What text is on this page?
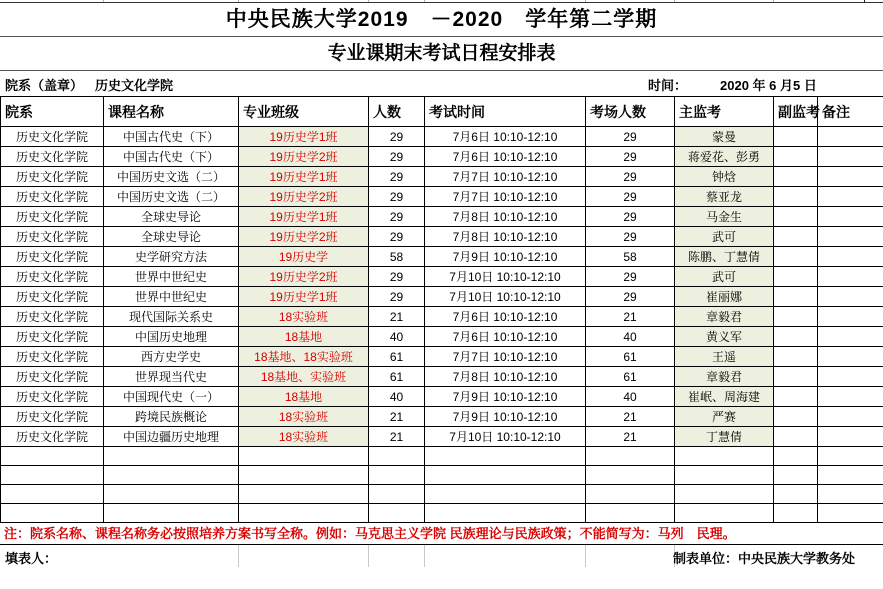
中央民族大学2019　－2020　学年第二学期
专业课期末考试日程安排表
院系（盖章） 历史文化学院	时间：	2020 年 6 月5 日
院系	课程名称	专业班级	人数	考试时间	考场人数	主监考	副监考	备注
历史文化学院	中国古代史（下）	19历史学1班	29	7月6日 10:10-12:10	29	蒙曼		
历史文化学院	中国古代史（下）	19历史学2班	29	7月6日 10:10-12:10	29	蒋爱花、彭勇		
历史文化学院	中国历史文选（二）	19历史学1班	29	7月7日 10:10-12:10	29	钟焓		
历史文化学院	中国历史文选（二）	19历史学2班	29	7月7日 10:10-12:10	29	蔡亚龙		
历史文化学院	全球史导论	19历史学1班	29	7月8日 10:10-12:10	29	马金生		
历史文化学院	全球史导论	19历史学2班	29	7月8日 10:10-12:10	29	武可		
历史文化学院	史学研究方法	19历史学	58	7月9日 10:10-12:10	58	陈鹏、丁慧倩		
历史文化学院	世界中世纪史	19历史学2班	29	7月10日 10:10-12:10	29	武可		
历史文化学院	世界中世纪史	19历史学1班	29	7月10日 10:10-12:10	29	崔丽娜		
历史文化学院	现代国际关系史	18实验班	21	7月6日 10:10-12:10	21	章毅君		
历史文化学院	中国历史地理	18基地	40	7月6日 10:10-12:10	40	黄义军		
历史文化学院	西方史学史	18基地、18实验班	61	7月7日 10:10-12:10	61	王遥		
历史文化学院	世界现当代史	18基地、实验班	61	7月8日 10:10-12:10	61	章毅君		
历史文化学院	中国现代史（一）	18基地	40	7月9日 10:10-12:10	40	崔岷、周海建		
历史文化学院	跨境民族概论	18实验班	21	7月9日 10:10-12:10	21	严赛		
历史文化学院	中国边疆历史地理	18实验班	21	7月10日 10:10-12:10	21	丁慧倩		

注：院系名称、课程名称务必按照培养方案书写全称。例如：马克思主义学院 民族理论与民族政策；不能简写为：马列　民理。
填表人：	制表单位：中央民族大学教务处
